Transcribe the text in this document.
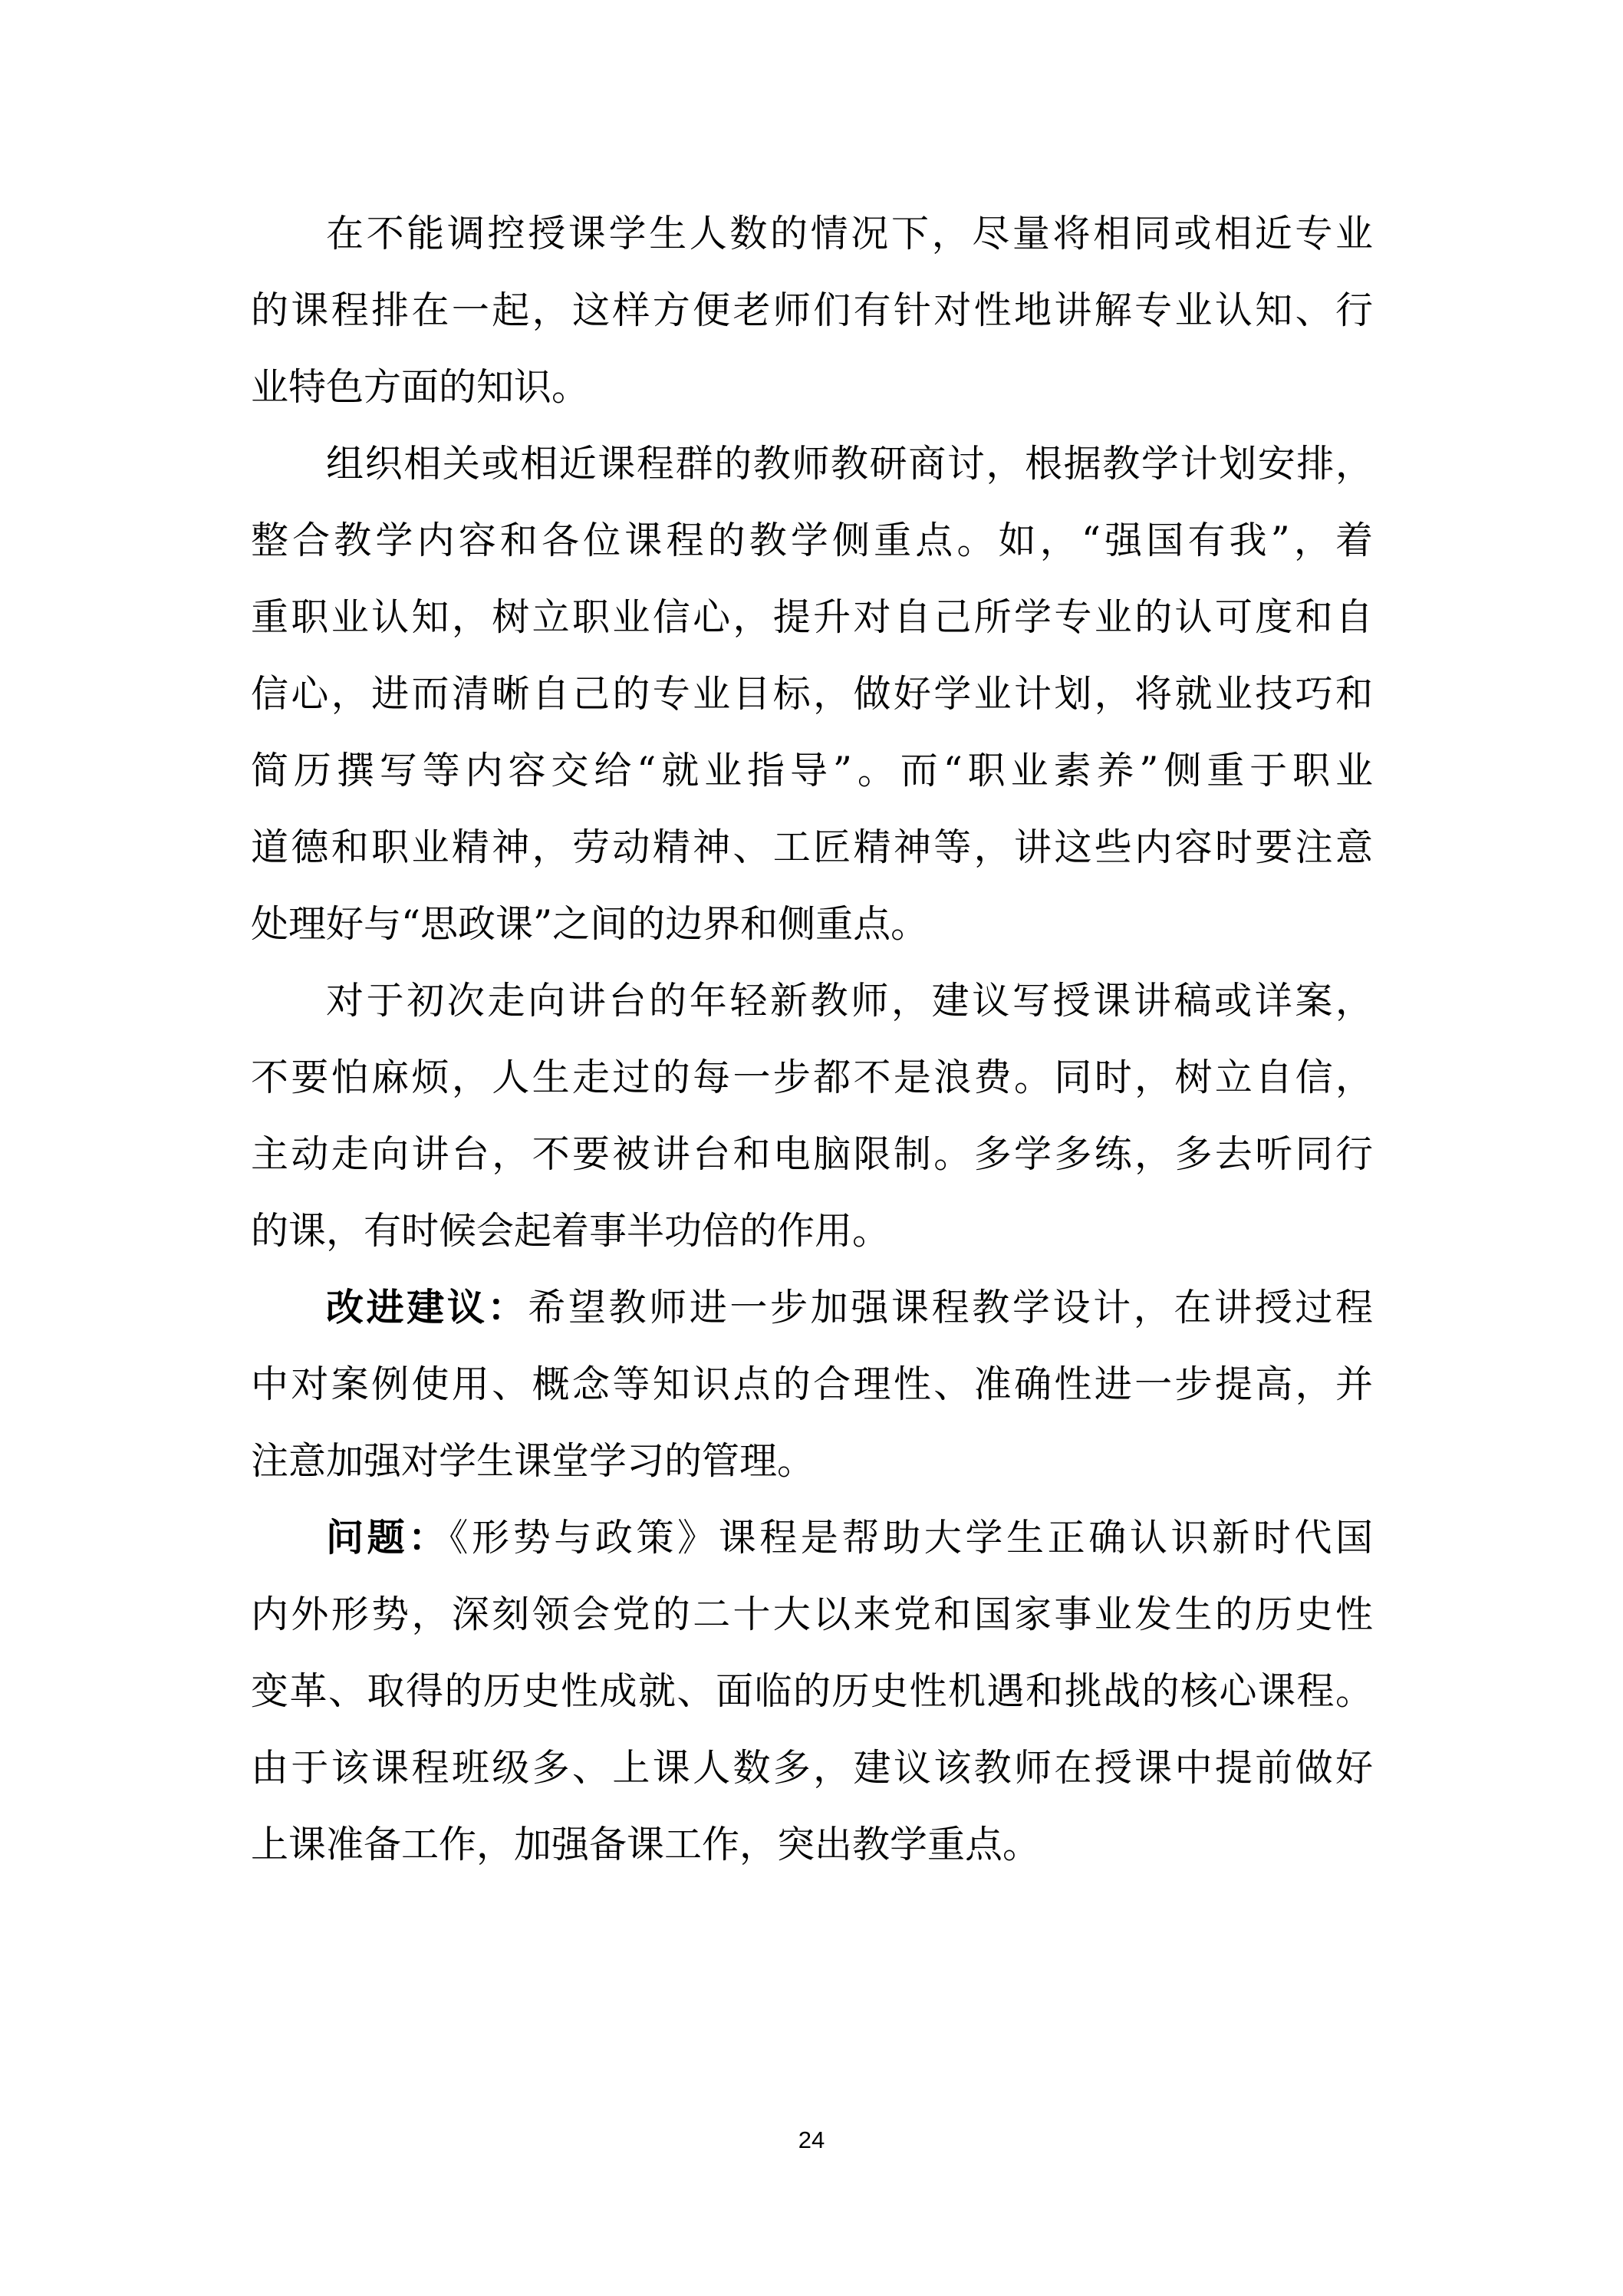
在不能调控授课学生人数的情况下，尽量将相同或相近专业
的课程排在一起，这样方便老师们有针对性地讲解专业认知、行
业特色方面的知识。
组织相关或相近课程群的教师教研商讨，根据教学计划安排，
整合教学内容和各位课程的教学侧重点。如，“强国有我”，着
重职业认知，树立职业信心，提升对自己所学专业的认可度和自
信心，进而清晰自己的专业目标，做好学业计划，将就业技巧和
简历撰写等内容交给“就业指导”。而“职业素养”侧重于职业
道德和职业精神，劳动精神、工匠精神等，讲这些内容时要注意
处理好与“思政课”之间的边界和侧重点。
对于初次走向讲台的年轻新教师，建议写授课讲稿或详案，
不要怕麻烦，人生走过的每一步都不是浪费。同时，树立自信，
主动走向讲台，不要被讲台和电脑限制。多学多练，多去听同行
的课，有时候会起着事半功倍的作用。
改进建议：希望教师进一步加强课程教学设计，在讲授过程
中对案例使用、概念等知识点的合理性、准确性进一步提高，并
注意加强对学生课堂学习的管理。
问题：《形势与政策》课程是帮助大学生正确认识新时代国
内外形势，深刻领会党的二十大以来党和国家事业发生的历史性
变革、取得的历史性成就、面临的历史性机遇和挑战的核心课程。
由于该课程班级多、上课人数多，建议该教师在授课中提前做好
上课准备工作，加强备课工作，突出教学重点。
24
